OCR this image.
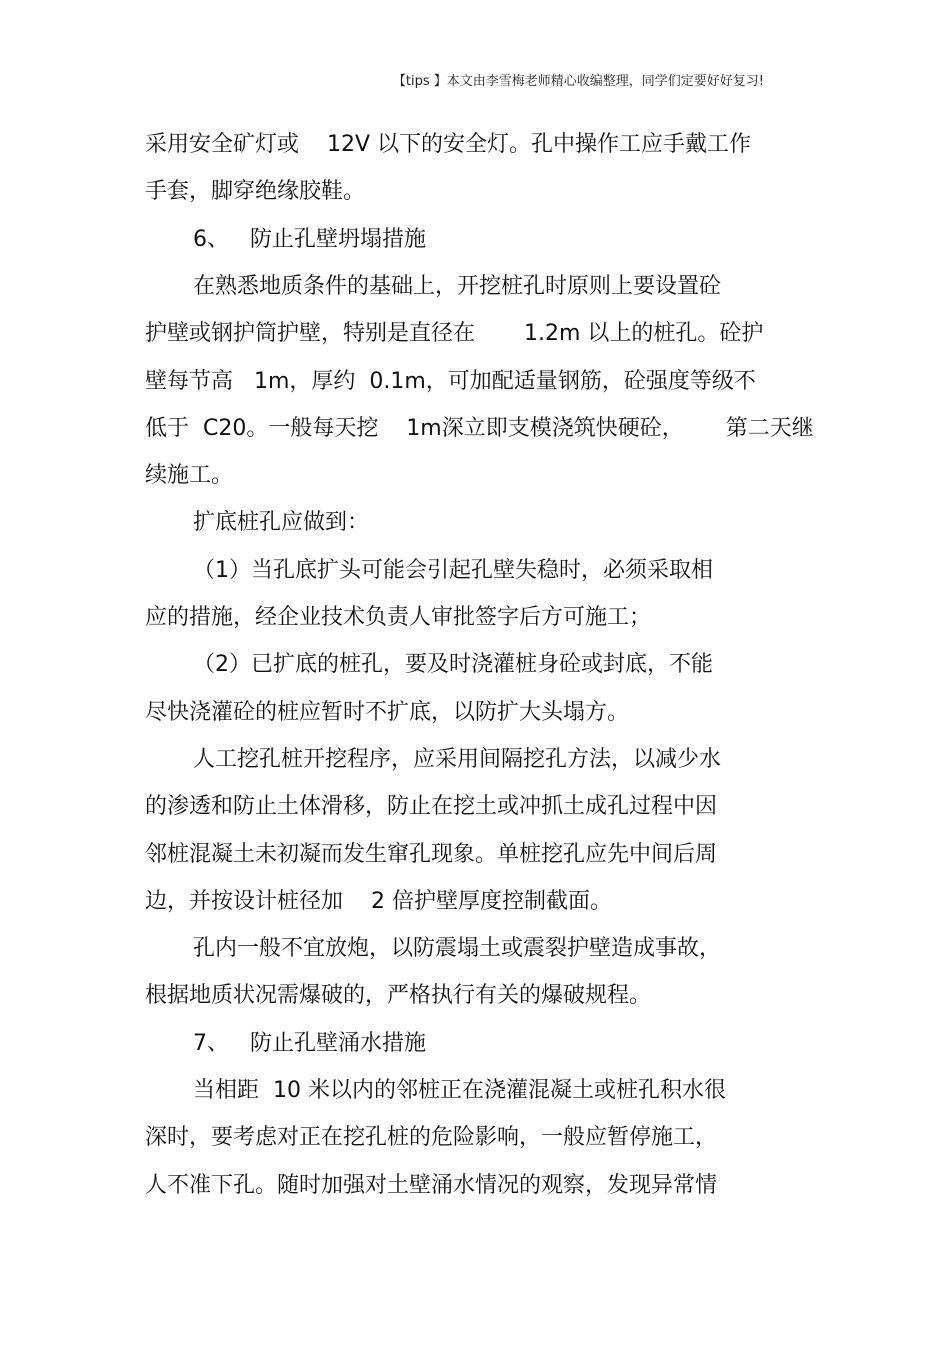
【tips 】本文由李雪梅老师精心收编整理，同学们定要好好复习!
采用安全矿灯或    12V 以下的安全灯。孔中操作工应手戴工作
手套，脚穿绝缘胶鞋。
6、   防止孔壁坍塌措施
在熟悉地质条件的基础上，开挖桩孔时原则上要设置砼
护壁或钢护筒护壁，特别是直径在       1.2m 以上的桩孔。砼护
壁每节高   1m，厚约  0.1m，可加配适量钢筋，砼强度等级不
低于  C20。一般每天挖    1m深立即支模浇筑快硬砼，      第二天继
续施工。
扩底桩孔应做到：
（1）当孔底扩头可能会引起孔壁失稳时，必须采取相
应的措施，经企业技术负责人审批签字后方可施工；
（2）已扩底的桩孔，要及时浇灌桩身砼或封底，不能
尽快浇灌砼的桩应暂时不扩底，以防扩大头塌方。
人工挖孔桩开挖程序，应采用间隔挖孔方法，以减少水
的渗透和防止土体滑移，防止在挖土或冲抓土成孔过程中因
邻桩混凝土未初凝而发生窜孔现象。单桩挖孔应先中间后周
边，并按设计桩径加    2 倍护壁厚度控制截面。
孔内一般不宜放炮，以防震塌土或震裂护壁造成事故，
根据地质状况需爆破的，严格执行有关的爆破规程。
7、   防止孔壁涌水措施
当相距  10 米以内的邻桩正在浇灌混凝土或桩孔积水很
深时，要考虑对正在挖孔桩的危险影响，一般应暂停施工，
人不准下孔。随时加强对土壁涌水情况的观察，发现异常情
